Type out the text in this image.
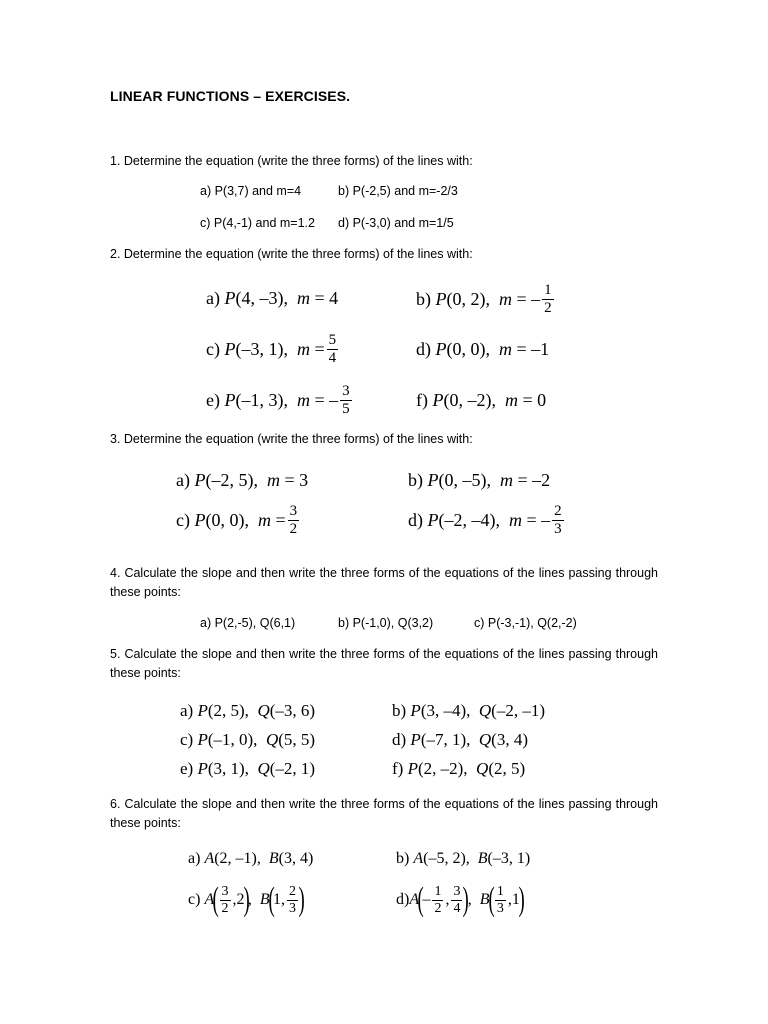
LINEAR FUNCTIONS – EXERCISES.
1. Determine the equation (write the three forms) of the lines with:
a) P(3,7) and m=4	b) P(-2,5) and m=-2/3
c) P(4,-1) and m=1.2 d) P(-3,0) and m=1/5
2. Determine the equation (write the three forms) of the lines with:
a)
P (4, –3),
m
= 4	b)
P (0, 2),
m
= – $\frac{1}{2}$
c)
P (–3, 1),
m
= $\frac{5}{4}$	d)
P (0, 0),
m
= –1
e)
P (–1, 3),
m
= – $\frac{3}{5}$	f)
P (0, –2),
m
= 0
3. Determine the equation (write the three forms) of the lines with:
a)
P (–2, 5),
m
= 3	b)
P (0, –5),
m
= –2
c)
P (0, 0),
m
= $\frac{3}{2}$	d)
P (–2, –4),
m
= – $\frac{2}{3}$
4. Calculate the slope and then write the three forms of the equations of the lines passing through these points:
a) P(2,-5), Q(6,1)	b) P(-1,0), Q(3,2)	c) P(-3,-1), Q(2,-2)
5. Calculate the slope and then write the three forms of the equations of the lines passing through these points:
a)
P (2, 5),
Q (–3, 6)	b)
P (3, –4),
Q (–2, –1)
c)
P (–1, 0),
Q (5, 5)	d)
P (–7, 1),
Q (3, 4)
e)
P (3, 1),
Q (–2, 1)	f)
P (2, –2),
Q (2, 5)
6. Calculate the slope and then write the three forms of the equations of the lines passing through these points:
a)
A (2, –1),
B (3, 4)	b)
A (–5, 2),
B (–3, 1)
c)
A
( $\frac{3}{2} ,2$
)
, B
(
1, $\frac{2}{3}$ )	d) A
(
– $\frac{1}{2}$ , $\frac{3}{4}$ )
, B
( $\frac{1}{3} ,1$
)
